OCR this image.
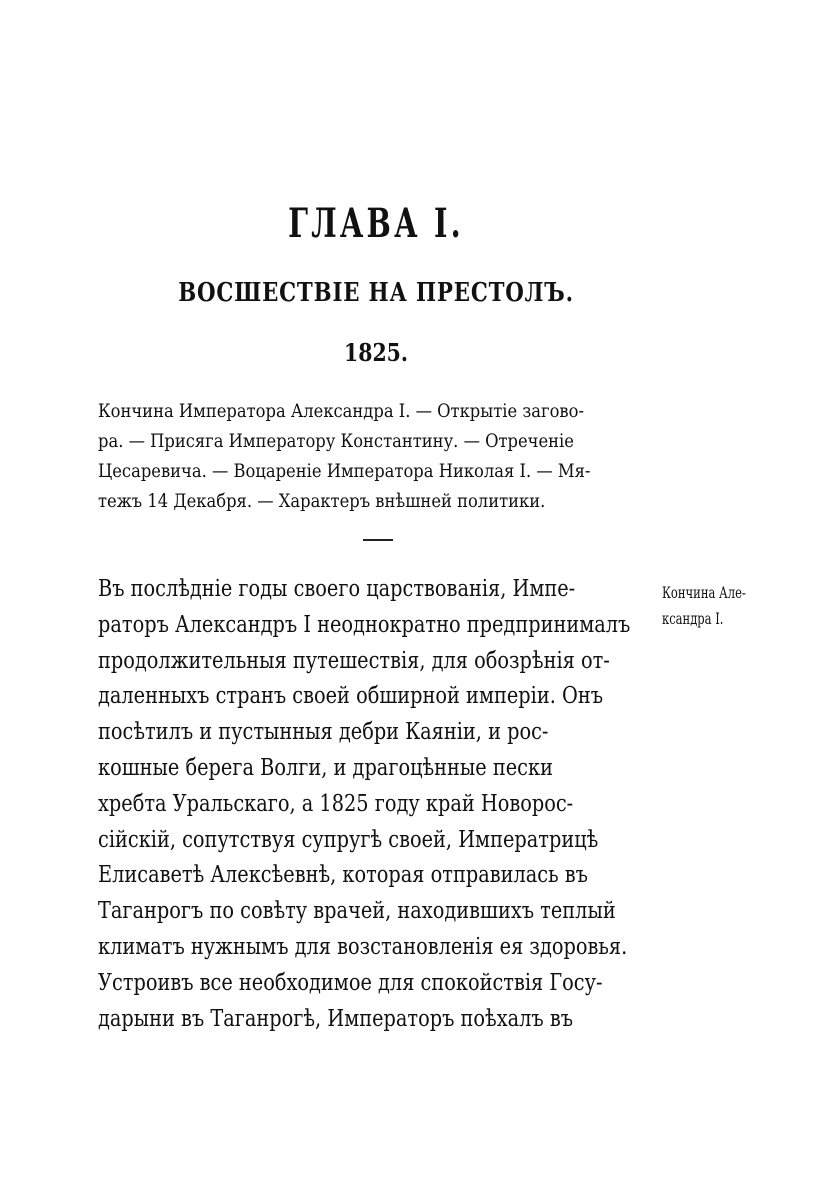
ГЛАВА I.
ВОСШЕСТВІЕ НА ПРЕСТОЛЪ.
1825.
Кончина Императора Александра I. — Открытіе загово-
ра. — Присяга Императору Константину. — Отреченіе
Цесаревича. — Воцареніе Императора Николая I. — Мя-
тежъ 14 Декабря. — Характеръ внѣшней политики.
Въ послѣдніе годы своего царствованія, Импе-
раторъ Александръ I неоднократно предпринималъ
продолжительныя путешествія, для обозрѣнія от-
даленныхъ странъ своей обширной имперіи. Онъ
посѣтилъ и пустынныя дебри Каяніи, и рос-
кошные берега Волги, и драгоцѣнные пески
хребта Уральскаго, а 1825 году край Новорос-
сійскій, сопутствуя супругѣ своей, Императрицѣ
Елисаветѣ Алексѣевнѣ, которая отправилась въ
Таганрогъ по совѣту врачей, находившихъ теплый
климатъ нужнымъ для возстановленія ея здоровья.
Устроивъ все необходимое для спокойствія Госу-
дарыни въ Таганрогѣ, Императоръ поѣхалъ въ
Кончина Але-
ксандра I.
